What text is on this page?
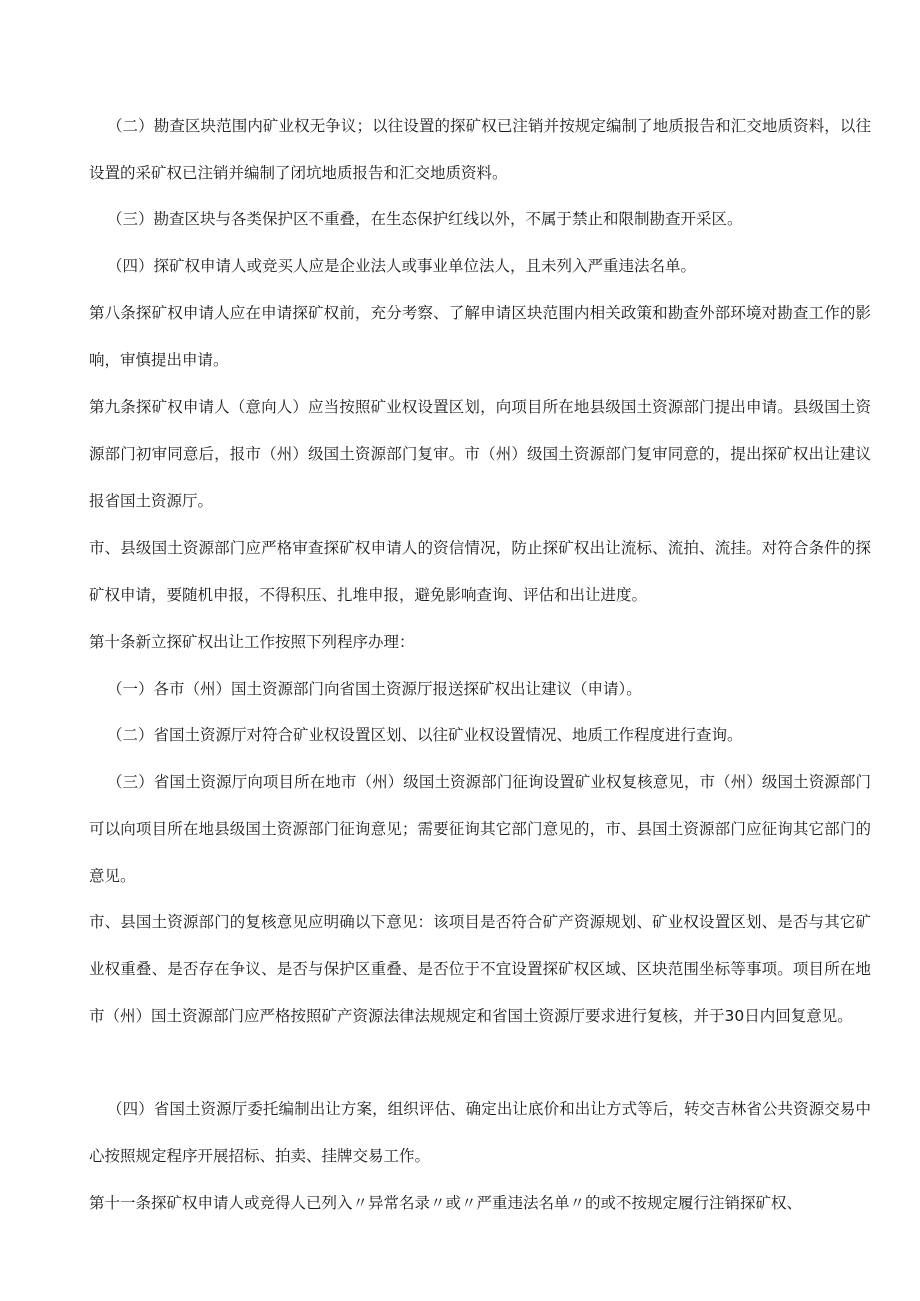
（二）勘查区块范围内矿业权无争议；以往设置的探矿权已注销并按规定编制了地质报告和汇交地质资料，以往设置的采矿权已注销并编制了闭坑地质报告和汇交地质资料。

（三）勘查区块与各类保护区不重叠，在生态保护红线以外，不属于禁止和限制勘查开采区。

（四）探矿权申请人或竞买人应是企业法人或事业单位法人，且未列入严重违法名单。

第八条探矿权申请人应在申请探矿权前，充分考察、了解申请区块范围内相关政策和勘查外部环境对勘查工作的影响，审慎提出申请。

第九条探矿权申请人（意向人）应当按照矿业权设置区划，向项目所在地县级国土资源部门提出申请。县级国土资源部门初审同意后，报市（州）级国土资源部门复审。市（州）级国土资源部门复审同意的，提出探矿权出让建议报省国土资源厅。

市、县级国土资源部门应严格审查探矿权申请人的资信情况，防止探矿权出让流标、流拍、流挂。对符合条件的探矿权申请，要随机申报，不得积压、扎堆申报，避免影响查询、评估和出让进度。

第十条新立探矿权出让工作按照下列程序办理：

（一）各市（州）国土资源部门向省国土资源厅报送探矿权出让建议（申请）。

（二）省国土资源厅对符合矿业权设置区划、以往矿业权设置情况、地质工作程度进行查询。

（三）省国土资源厅向项目所在地市（州）级国土资源部门征询设置矿业权复核意见，市（州）级国土资源部门可以向项目所在地县级国土资源部门征询意见；需要征询其它部门意见的，市、县国土资源部门应征询其它部门的意见。

市、县国土资源部门的复核意见应明确以下意见：该项目是否符合矿产资源规划、矿业权设置区划、是否与其它矿业权重叠、是否存在争议、是否与保护区重叠、是否位于不宜设置探矿权区域、区块范围坐标等事项。项目所在地市（州）国土资源部门应严格按照矿产资源法律法规规定和省国土资源厅要求进行复核，并于30日内回复意见。

（四）省国土资源厅委托编制出让方案，组织评估、确定出让底价和出让方式等后，转交吉林省公共资源交易中心按照规定程序开展招标、拍卖、挂牌交易工作。

第十一条探矿权申请人或竞得人已列入〃异常名录〃或〃严重违法名单〃的或不按规定履行注销探矿权、
